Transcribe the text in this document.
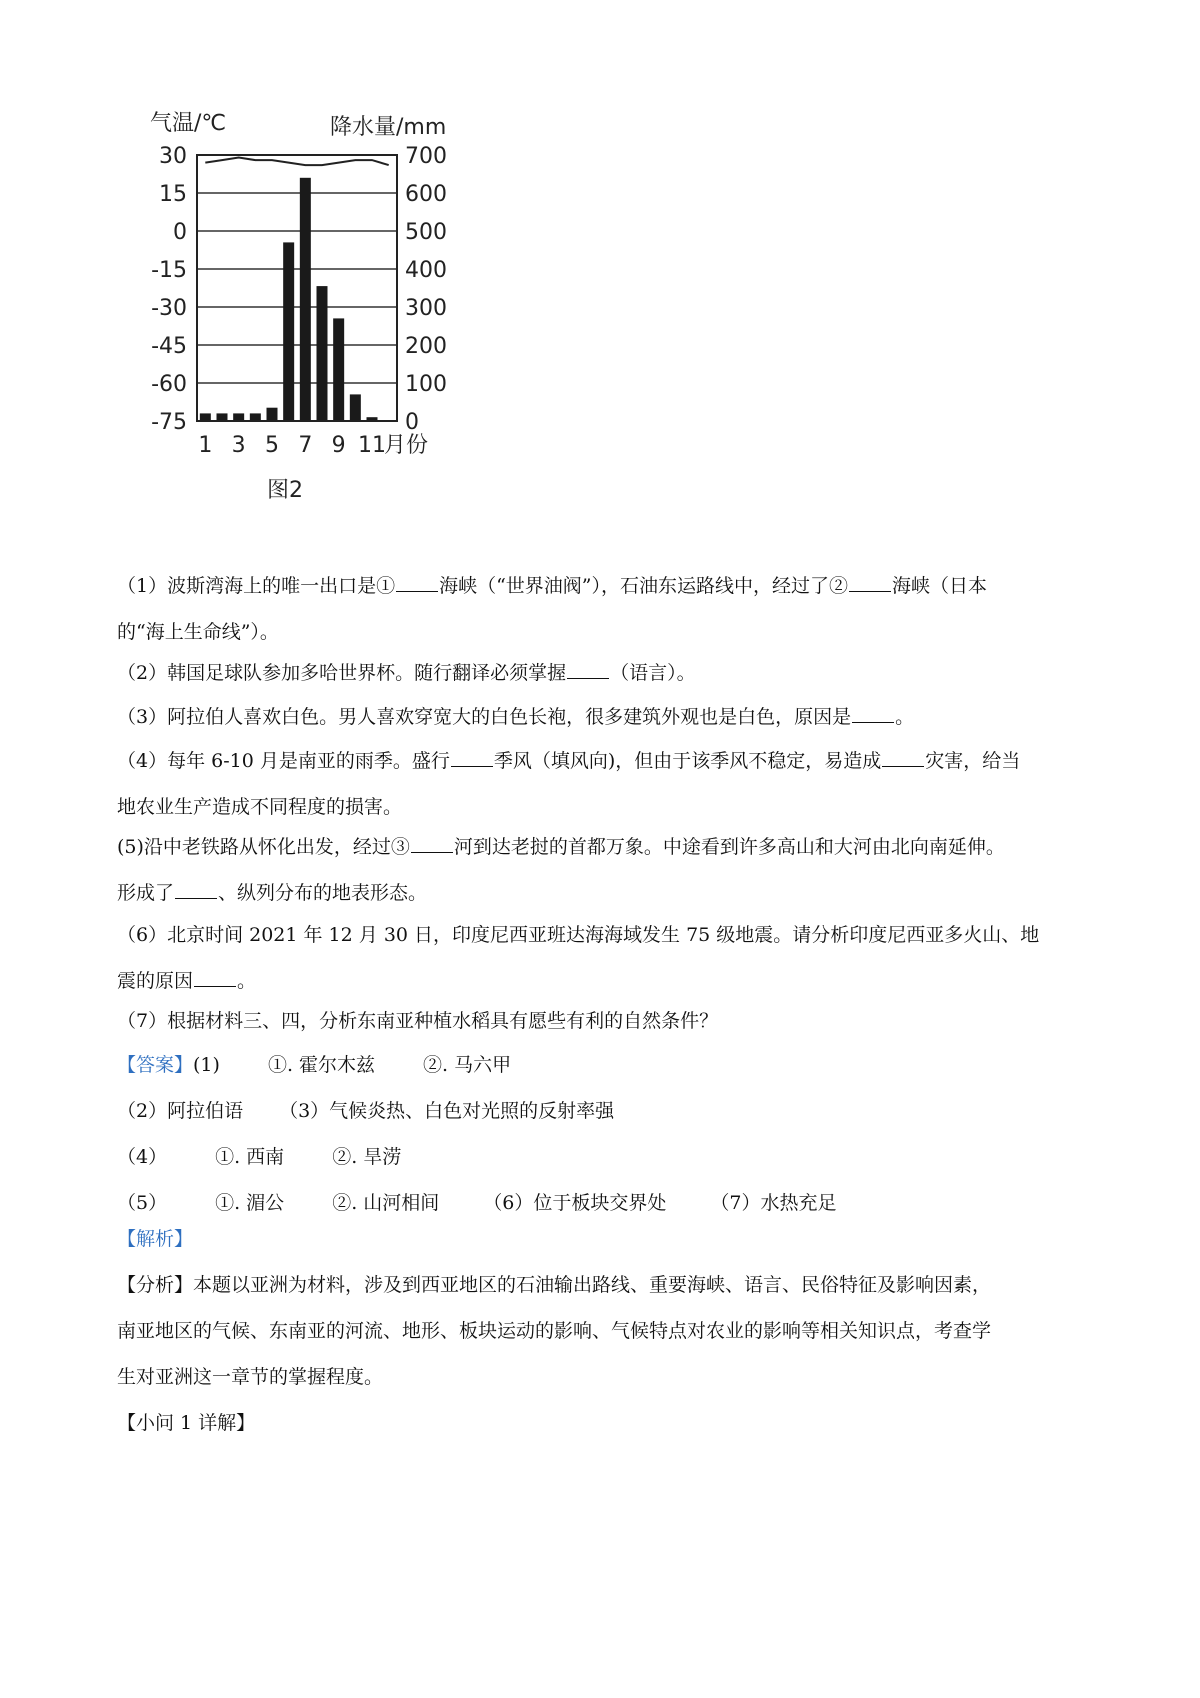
气温/℃	降水量/mm
30
15
0
-15
-30
-45
-60
-75
700
600
500
400
300
200
100
0
1 3 5 7 9 11
月份
图2

（1）波斯湾海上的唯一出口是① 海峡（“世界油阀”），石油东运路线中，经过了② 海峡（日本
的“海上生命线”）。

（2）韩国足球队参加多哈世界杯。随行翻译必须掌握 （语言）。

（3）阿拉伯人喜欢白色。男人喜欢穿宽大的白色长袍，很多建筑外观也是白色，原因是 。

（4）每年 6-10 月是南亚的雨季。盛行 季风（填风向)，但由于该季风不稳定，易造成 灾害，给当
地农业生产造成不同程度的损害。

(5)沿中老铁路从怀化出发，经过③ 河到达老挝的首都万象。中途看到许多高山和大河由北向南延伸。
形成了 、纵列分布的地表形态。

（6）北京时间 2021 年 12 月 30 日，印度尼西亚班达海海域发生 75 级地震。请分析印度尼西亚多火山、地
震的原因 。

（7）根据材料三、四，分析东南亚种植水稻具有愿些有利的自然条件？

【答案】(1)	①. 霍尔木兹	②. 马六甲
（2）阿拉伯语 （3）气候炎热、白色对光照的反射率强
（4）	①. 西南	②. 旱涝
（5）	①. 湄公	②. 山河相间 （6）位于板块交界处 （7）水热充足

【解析】
【分析】本题以亚洲为材料，涉及到西亚地区的石油输出路线、重要海峡、语言、民俗特征及影响因素，
南亚地区的气候、东南亚的河流、地形、板块运动的影响、气候特点对农业的影响等相关知识点，考查学
生对亚洲这一章节的掌握程度。
【小问 1 详解】
